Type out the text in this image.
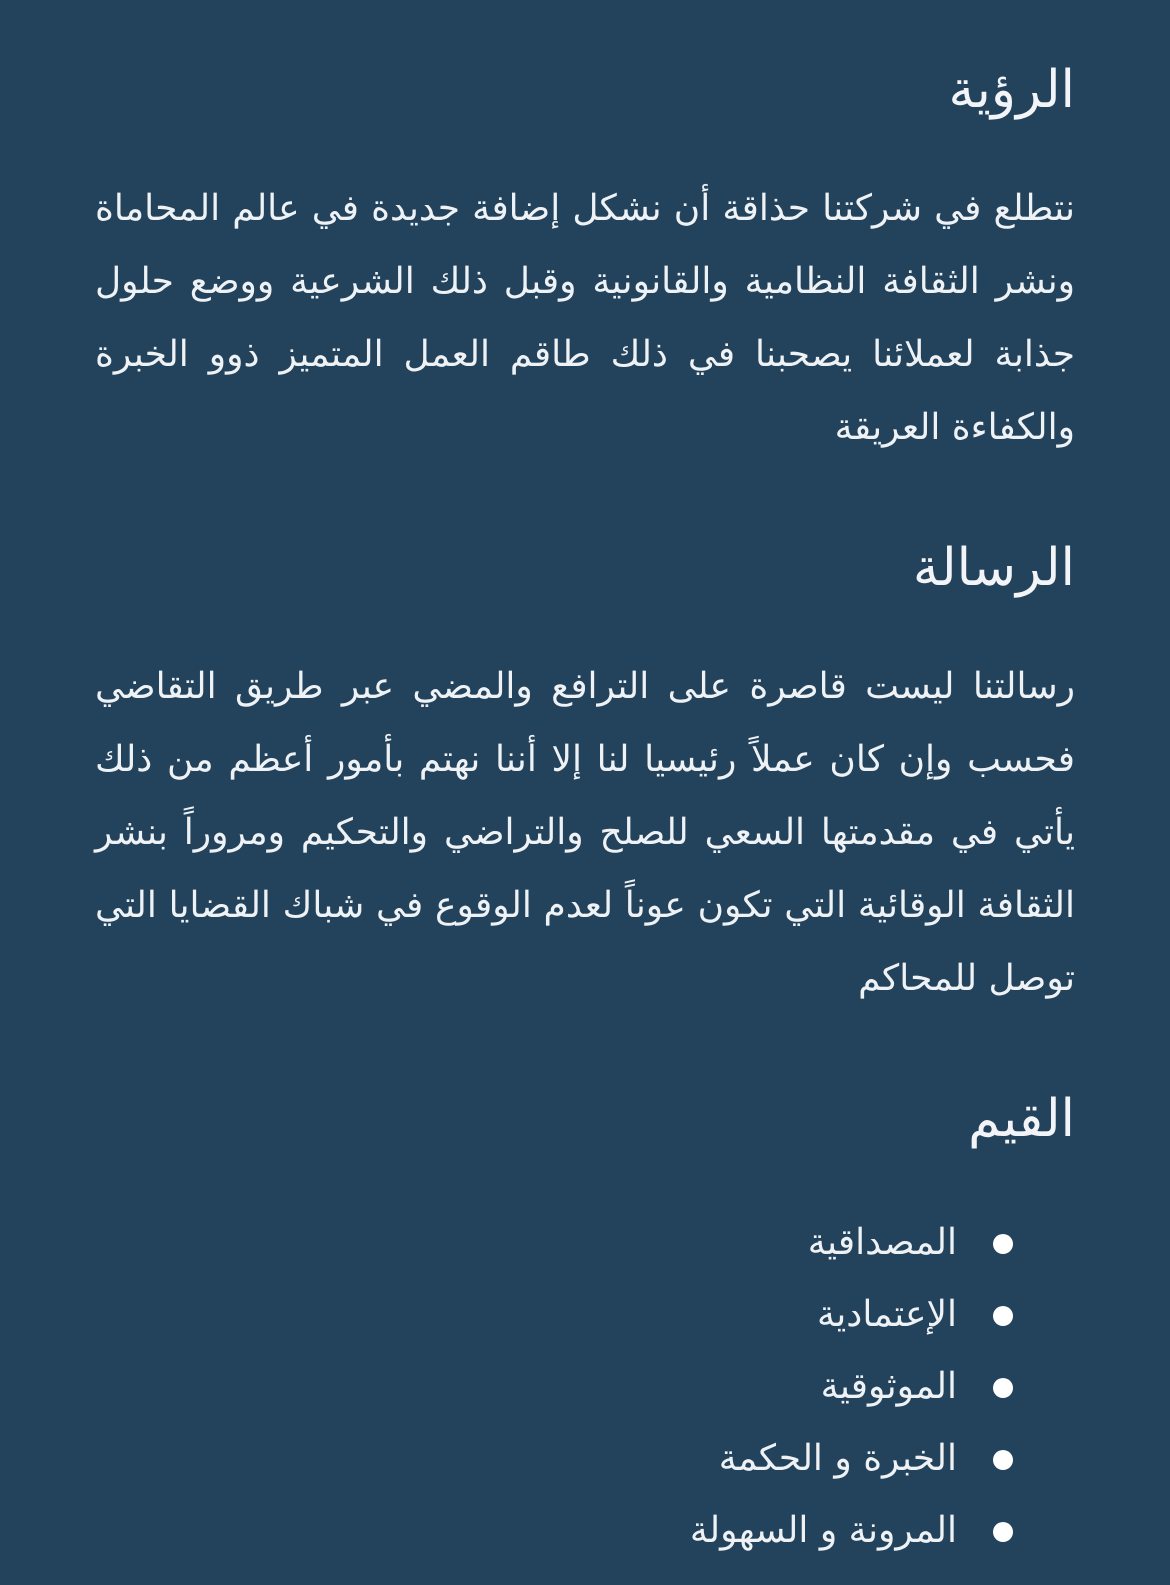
الرؤية

نتطلع في شركتنا حذاقة أن نشكل إضافة جديدة في عالم المحاماة ونشر الثقافة النظامية والقانونية وقبل ذلك الشرعية ووضع حلول جذابة لعملائنا يصحبنا في ذلك طاقم العمل المتميز ذوو الخبرة والكفاءة العريقة

الرسالة

رسالتنا ليست قاصرة على الترافع والمضي عبر طريق التقاضي فحسب وإن كان عملاً رئيسيا لنا إلا أننا نهتم بأمور أعظم من ذلك يأتي في مقدمتها السعي للصلح والتراضي والتحكيم ومروراً بنشر الثقافة الوقائية التي تكون عوناً لعدم الوقوع في شباك القضايا التي توصل للمحاكم

القيم
المصداقية
الإعتمادية
الموثوقية
الخبرة و الحكمة
المرونة و السهولة
